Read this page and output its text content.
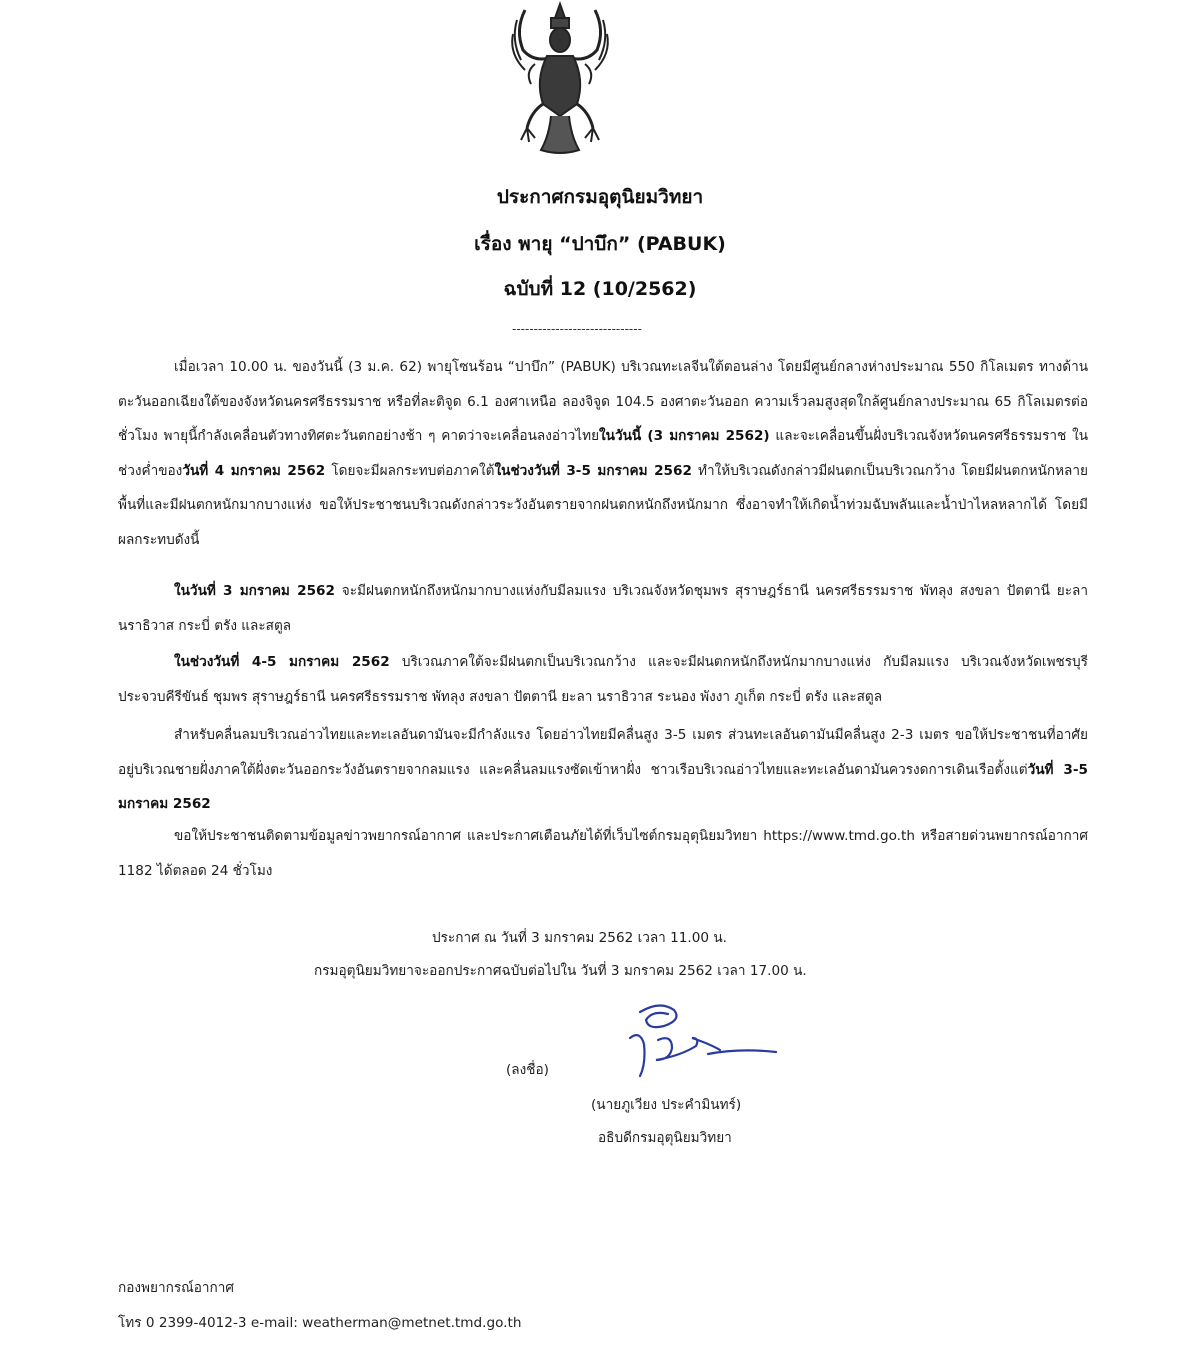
ประกาศกรมอุตุนิยมวิทยา
เรื่อง พายุ “ปาบึก” (PABUK)
ฉบับที่ 12 (10/2562)
------------------------------

เมื่อเวลา 10.00 น. ของวันนี้ (3 ม.ค. 62) พายุโซนร้อน “ปาบึก” (PABUK) บริเวณทะเลจีนใต้ตอนล่าง โดยมีศูนย์กลางห่างประมาณ 550 กิโลเมตร ทางด้านตะวันออกเฉียงใต้ของจังหวัดนครศรีธรรมราช หรือที่ละติจูด 6.1 องศาเหนือ ลองจิจูด 104.5 องศาตะวันออก ความเร็วลมสูงสุดใกล้ศูนย์กลางประมาณ 65 กิโลเมตรต่อชั่วโมง พายุนี้กำลังเคลื่อนตัวทางทิศตะวันตกอย่างช้า ๆ คาดว่าจะเคลื่อนลงอ่าวไทยในวันนี้ (3 มกราคม 2562) และจะเคลื่อนขึ้นฝั่งบริเวณจังหวัดนครศรีธรรมราช ในช่วงค่ำของวันที่ 4 มกราคม 2562 โดยจะมีผลกระทบต่อภาคใต้ในช่วงวันที่ 3-5 มกราคม 2562 ทำให้บริเวณดังกล่าวมีฝนตกเป็นบริเวณกว้าง โดยมีฝนตกหนักหลายพื้นที่และมีฝนตกหนักมากบางแห่ง ขอให้ประชาชนบริเวณดังกล่าวระวังอันตรายจากฝนตกหนักถึงหนักมาก ซึ่งอาจทำให้เกิดน้ำท่วมฉับพลันและน้ำป่าไหลหลากได้ โดยมีผลกระทบดังนี้

ในวันที่ 3 มกราคม 2562 จะมีฝนตกหนักถึงหนักมากบางแห่งกับมีลมแรง บริเวณจังหวัดชุมพร สุราษฎร์ธานี นครศรีธรรมราช พัทลุง สงขลา ปัตตานี ยะลา นราธิวาส กระบี่ ตรัง และสตูล

ในช่วงวันที่ 4-5 มกราคม 2562 บริเวณภาคใต้จะมีฝนตกเป็นบริเวณกว้าง และจะมีฝนตกหนักถึงหนักมากบางแห่ง กับมีลมแรง บริเวณจังหวัดเพชรบุรี ประจวบคีรีขันธ์ ชุมพร สุราษฎร์ธานี นครศรีธรรมราช พัทลุง สงขลา ปัตตานี ยะลา นราธิวาส ระนอง พังงา ภูเก็ต กระบี่ ตรัง และสตูล

สำหรับคลื่นลมบริเวณอ่าวไทยและทะเลอันดามันจะมีกำลังแรง โดยอ่าวไทยมีคลื่นสูง 3-5 เมตร ส่วนทะเลอันดามันมีคลื่นสูง 2-3 เมตร ขอให้ประชาชนที่อาศัยอยู่บริเวณชายฝั่งภาคใต้ฝั่งตะวันออกระวังอันตรายจากลมแรง และคลื่นลมแรงซัดเข้าหาฝั่ง ชาวเรือบริเวณอ่าวไทยและทะเลอันดามันควรงดการเดินเรือตั้งแต่วันที่ 3-5 มกราคม 2562

ขอให้ประชาชนติดตามข้อมูลข่าวพยากรณ์อากาศ และประกาศเตือนภัยได้ที่เว็บไซต์กรมอุตุนิยมวิทยา https://www.tmd.go.th หรือสายด่วนพยากรณ์อากาศ 1182 ได้ตลอด 24 ชั่วโมง

ประกาศ ณ วันที่ 3 มกราคม 2562 เวลา 11.00 น.
กรมอุตุนิยมวิทยาจะออกประกาศฉบับต่อไปใน วันที่ 3 มกราคม 2562 เวลา 17.00 น.
(ลงชื่อ)
(นายภูเวียง ประคำมินทร์)
อธิบดีกรมอุตุนิยมวิทยา
กองพยากรณ์อากาศ
โทร 0 2399-4012-3 e-mail: weatherman@metnet.tmd.go.th
